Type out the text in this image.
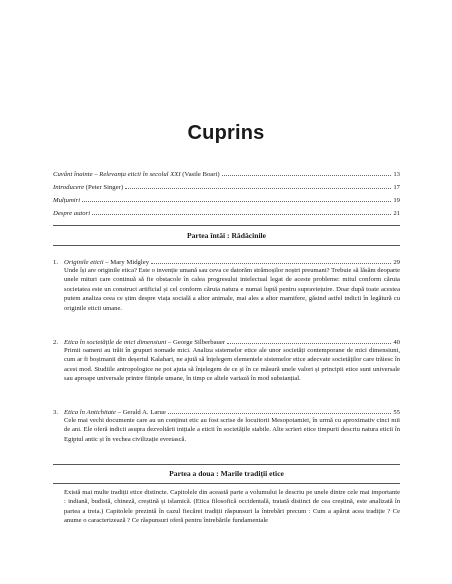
Cuprins
Cuvânt înainte – Relevanța eticii în secolul XXI (Vasile Boari)	13
Introducere (Peter Singer)	17
Mulțumiri	19
Despre autori	21
Partea întâi : Rădăcinile
1. Originile eticii – Mary Midgley	29
Unde își are originile etica? Este o invenție umană sau ceva ce datorăm strămoșilor noștri preumani? Trebuie să lăsăm deoparte unele mituri care continuă să fie obstacole în calea progresului intelectual legat de aceste probleme: mitul conform căruia societatea este un construct artificial și cel conform căruia natura e numai luptă pentru supraviețuire. Doar după toate acestea putem analiza ceea ce știm despre viața socială a altor animale, mai ales a altor mamifere, găsind astfel indicii în legătură cu originile eticii umane.
2. Etica în societățile de mici dimensiuni – George Silberbauer	40
Primii oameni au trăit în grupuri nomade mici. Analiza sistemelor etice ale unor societăți contemporane de mici dimensiuni, cum ar fi boșimanii din deșertul Kalahari, ne ajută să înțelegem elementele sistemelor etice adecvate societăților care trăiesc în acest mod. Studiile antropologice ne pot ajuta să înțelegem de ce și în ce măsură unele valori și principii etice sunt universale sau aproape universale printre ființele umane, în timp ce altele variază în mod substanțial.
3. Etica în Antichitate – Gerald A. Larue	55
Cele mai vechi documente care au un conținut etic au fost scrise de locuitorii Mesopotamiei, în urmă cu aproximativ cinci mii de ani. Ele oferă indicii asupra dezvoltării inițiale a eticii în societățile stabile. Alte scrieri etice timpurii descriu natura eticii în Egiptul antic și în vechea civilizație evreiască.
Partea a doua : Marile tradiții etice
Există mai multe tradiții etice distincte. Capitolele din această parte a volumului le descriu pe unele dintre cele mai importante : indiană, budistă, chineză, creștină și islamică. (Etica filosofică occidentală, tratată distinct de cea creștină, este analizată în partea a treia.) Capitolele prezintă în cazul fiecărei tradiții răspunsuri la întrebări precum : Cum a apărut acea tradiție ? Ce anume o caracterizează ? Ce răspunsuri oferă pentru întrebările fundamentale
